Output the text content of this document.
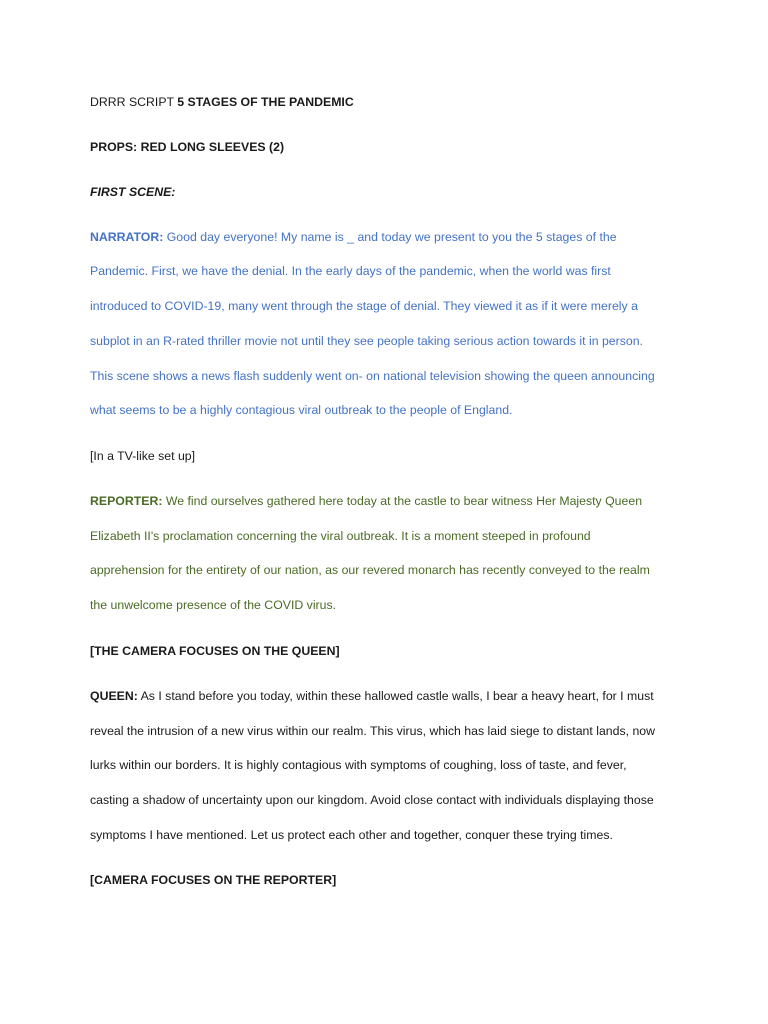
DRRR SCRIPT 5 STAGES OF THE PANDEMIC
PROPS: RED LONG SLEEVES (2)
FIRST SCENE:
NARRATOR: Good day everyone! My name is _ and today we present to you the 5 stages of the
Pandemic. First, we have the denial. In the early days of the pandemic, when the world was first
introduced to COVID-19, many went through the stage of denial. They viewed it as if it were merely a
subplot in an R-rated thriller movie not until they see people taking serious action towards it in person.
This scene shows a news flash suddenly went on- on national television showing the queen announcing
what seems to be a highly contagious viral outbreak to the people of England.
[In a TV-like set up]
REPORTER: We find ourselves gathered here today at the castle to bear witness Her Majesty Queen
Elizabeth II's proclamation concerning the viral outbreak. It is a moment steeped in profound
apprehension for the entirety of our nation, as our revered monarch has recently conveyed to the realm
the unwelcome presence of the COVID virus.
[THE CAMERA FOCUSES ON THE QUEEN]
QUEEN: As I stand before you today, within these hallowed castle walls, I bear a heavy heart, for I must
reveal the intrusion of a new virus within our realm. This virus, which has laid siege to distant lands, now
lurks within our borders. It is highly contagious with symptoms of coughing, loss of taste, and fever,
casting a shadow of uncertainty upon our kingdom. Avoid close contact with individuals displaying those
symptoms I have mentioned. Let us protect each other and together, conquer these trying times.
[CAMERA FOCUSES ON THE REPORTER]
